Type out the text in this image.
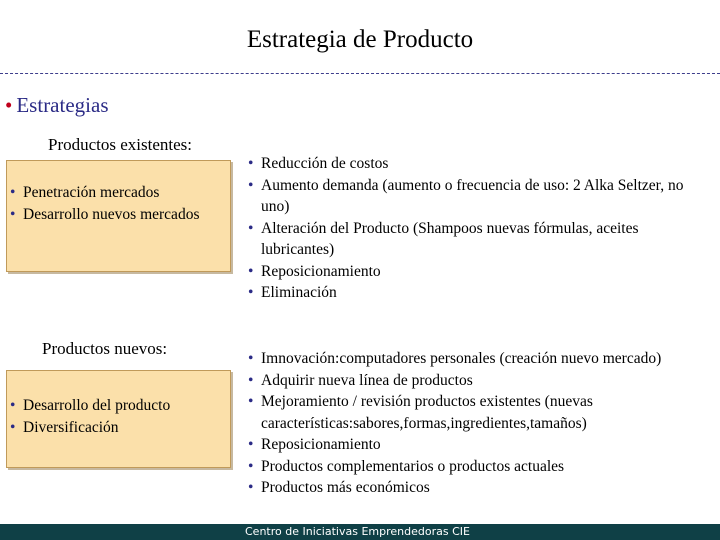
Estrategia de Producto
• Estrategias
Productos existentes:
• Penetración mercados
• Desarrollo nuevos mercados
• Reducción de costos
• Aumento demanda (aumento o frecuencia de uso: 2 Alka Seltzer, no uno)
• Alteración del Producto (Shampoos nuevas fórmulas, aceites lubricantes)
• Reposicionamiento
• Eliminación
Productos nuevos:
• Desarrollo del producto
• Diversificación
• Imnovación:computadores personales (creación nuevo mercado)
• Adquirir nueva línea de productos
• Mejoramiento / revisión productos existentes (nuevas características:sabores,formas,ingredientes,tamaños)
• Reposicionamiento
• Productos complementarios o productos actuales
• Productos más económicos
Centro de Iniciativas Emprendedoras CIE
